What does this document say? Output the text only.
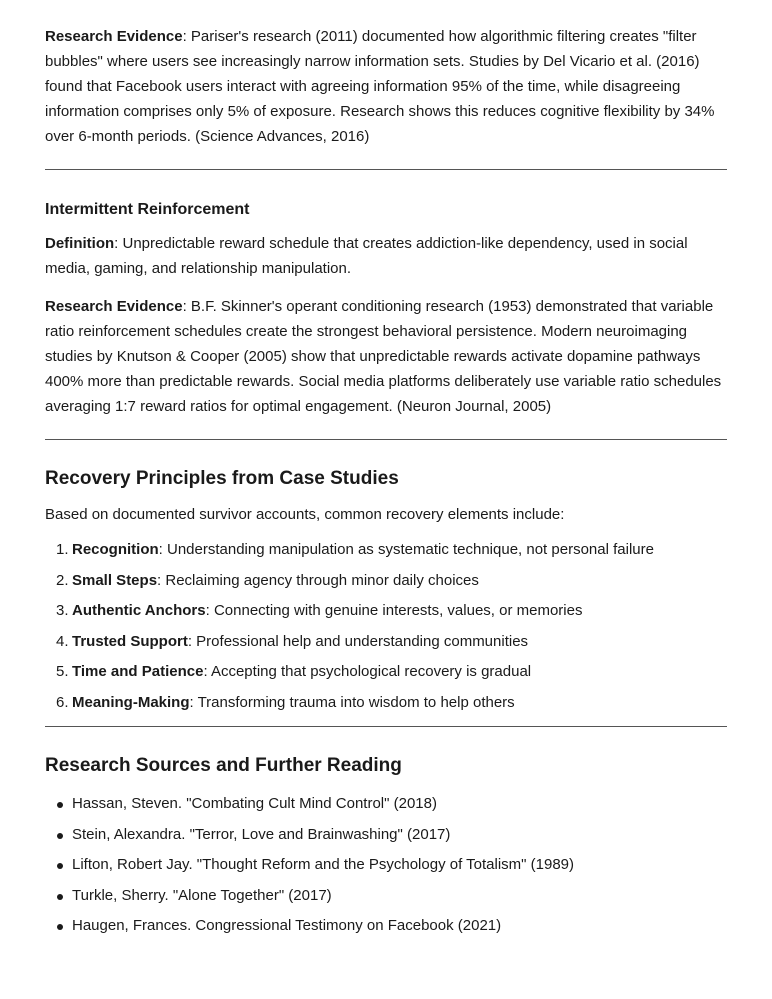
Research Evidence: Pariser's research (2011) documented how algorithmic filtering creates "filter bubbles" where users see increasingly narrow information sets. Studies by Del Vicario et al. (2016) found that Facebook users interact with agreeing information 95% of the time, while disagreeing information comprises only 5% of exposure. Research shows this reduces cognitive flexibility by 34% over 6-month periods. (Science Advances, 2016)

Intermittent Reinforcement

Definition: Unpredictable reward schedule that creates addiction-like dependency, used in social media, gaming, and relationship manipulation.

Research Evidence: B.F. Skinner's operant conditioning research (1953) demonstrated that variable ratio reinforcement schedules create the strongest behavioral persistence. Modern neuroimaging studies by Knutson & Cooper (2005) show that unpredictable rewards activate dopamine pathways 400% more than predictable rewards. Social media platforms deliberately use variable ratio schedules averaging 1:7 reward ratios for optimal engagement. (Neuron Journal, 2005)

Recovery Principles from Case Studies

Based on documented survivor accounts, common recovery elements include:

1. Recognition: Understanding manipulation as systematic technique, not personal failure
2. Small Steps: Reclaiming agency through minor daily choices
3. Authentic Anchors: Connecting with genuine interests, values, or memories
4. Trusted Support: Professional help and understanding communities
5. Time and Patience: Accepting that psychological recovery is gradual
6. Meaning-Making: Transforming trauma into wisdom to help others
Research Sources and Further Reading
Hassan, Steven. "Combating Cult Mind Control" (2018)
Stein, Alexandra. "Terror, Love and Brainwashing" (2017)
Lifton, Robert Jay. "Thought Reform and the Psychology of Totalism" (1989)
Turkle, Sherry. "Alone Together" (2017)
Haugen, Frances. Congressional Testimony on Facebook (2021)
